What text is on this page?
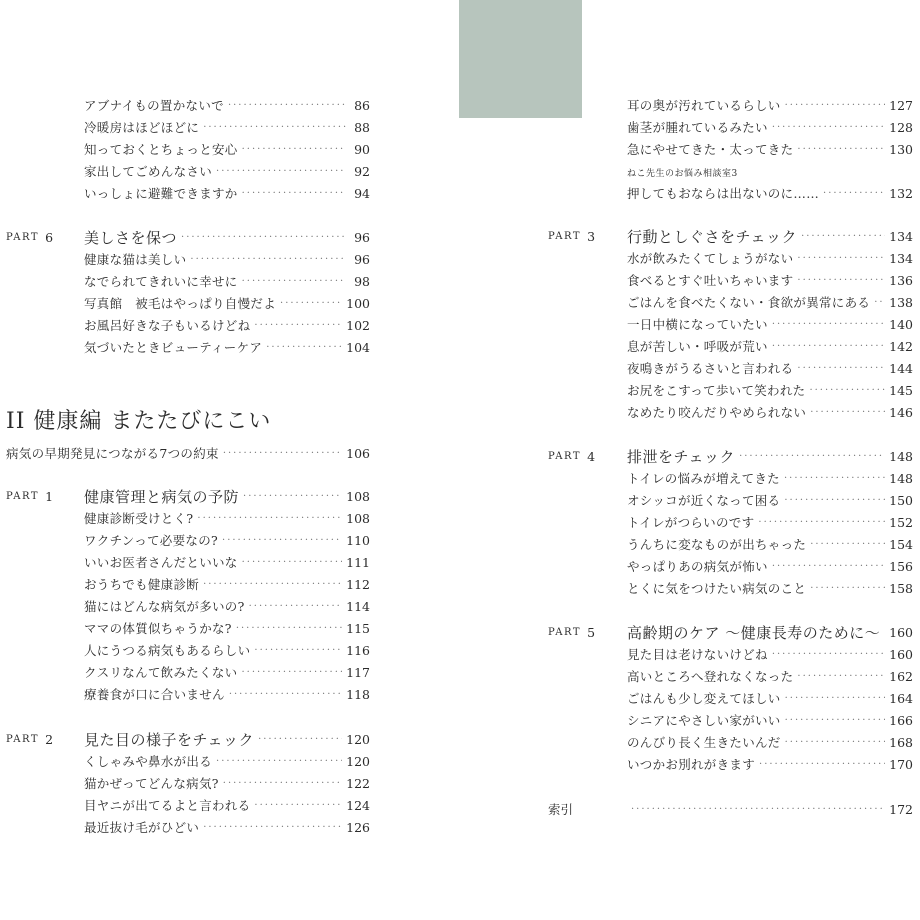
アブナイもの置かないで ·····	86
冷暖房はほどほどに ·····	88
知っておくとちょっと安心 ·····	90
家出してごめんなさい ·····	92
いっしょに避難できますか ·····	94
PART 6 美しさを保つ ·····	96
健康な猫は美しい ·····	96
なでられてきれいに幸せに ·····	98
写真館　被毛はやっぱり自慢だよ ·····	100
お風呂好きな子もいるけどね ·····	102
気づいたときビューティーケア ·····	104
II 健康編 またたびにこい
病気の早期発見につながる7つの約束 ·····	106
PART 1 健康管理と病気の予防 ·····	108
健康診断受けとく? ·····	108
ワクチンって必要なの? ·····	110
いいお医者さんだといいな ·····	111
おうちでも健康診断 ·····	112
猫にはどんな病気が多いの? ·····	114
ママの体質似ちゃうかな? ·····	115
人にうつる病気もあるらしい ·····	116
クスリなんて飲みたくない ·····	117
療養食が口に合いません ·····	118
PART 2 見た目の様子をチェック ·····	120
くしゃみや鼻水が出る ·····	120
猫かぜってどんな病気? ·····	122
目ヤニが出てるよと言われる ·····	124
最近抜け毛がひどい ·····	126
耳の奥が汚れているらしい ·····	127
歯茎が腫れているみたい ·····	128
急にやせてきた・太ってきた ·····	130
ねこ先生のお悩み相談室3
押してもおならは出ないのに…… ·····	132
PART 3 行動としぐさをチェック ·····	134
水が飲みたくてしょうがない ·····	134
食べるとすぐ吐いちゃいます ·····	136
ごはんを食べたくない・食欲が異常にある ····· 138
一日中横になっていたい ·····	140
息が苦しい・呼吸が荒い ·····	142
夜鳴きがうるさいと言われる ·····	144
お尻をこすって歩いて笑われた ·····	145
なめたり咬んだりやめられない ·····	146
PART 4 排泄をチェック ·····	148
トイレの悩みが増えてきた ·····	148
オシッコが近くなって困る ·····	150
トイレがつらいのです ·····	152
うんちに変なものが出ちゃった ·····	154
やっぱりあの病気が怖い ·····	156
とくに気をつけたい病気のこと ·····	158
PART 5 高齢期のケア ～健康長寿のために～ ····· 160
見た目は老けないけどね ·····	160
高いところへ登れなくなった ·····	162
ごはんも少し変えてほしい ·····	164
シニアにやさしい家がいい ·····	166
のんびり長く生きたいんだ ·····	168
いつかお別れがきます ·····	170
索引 ·····	172
